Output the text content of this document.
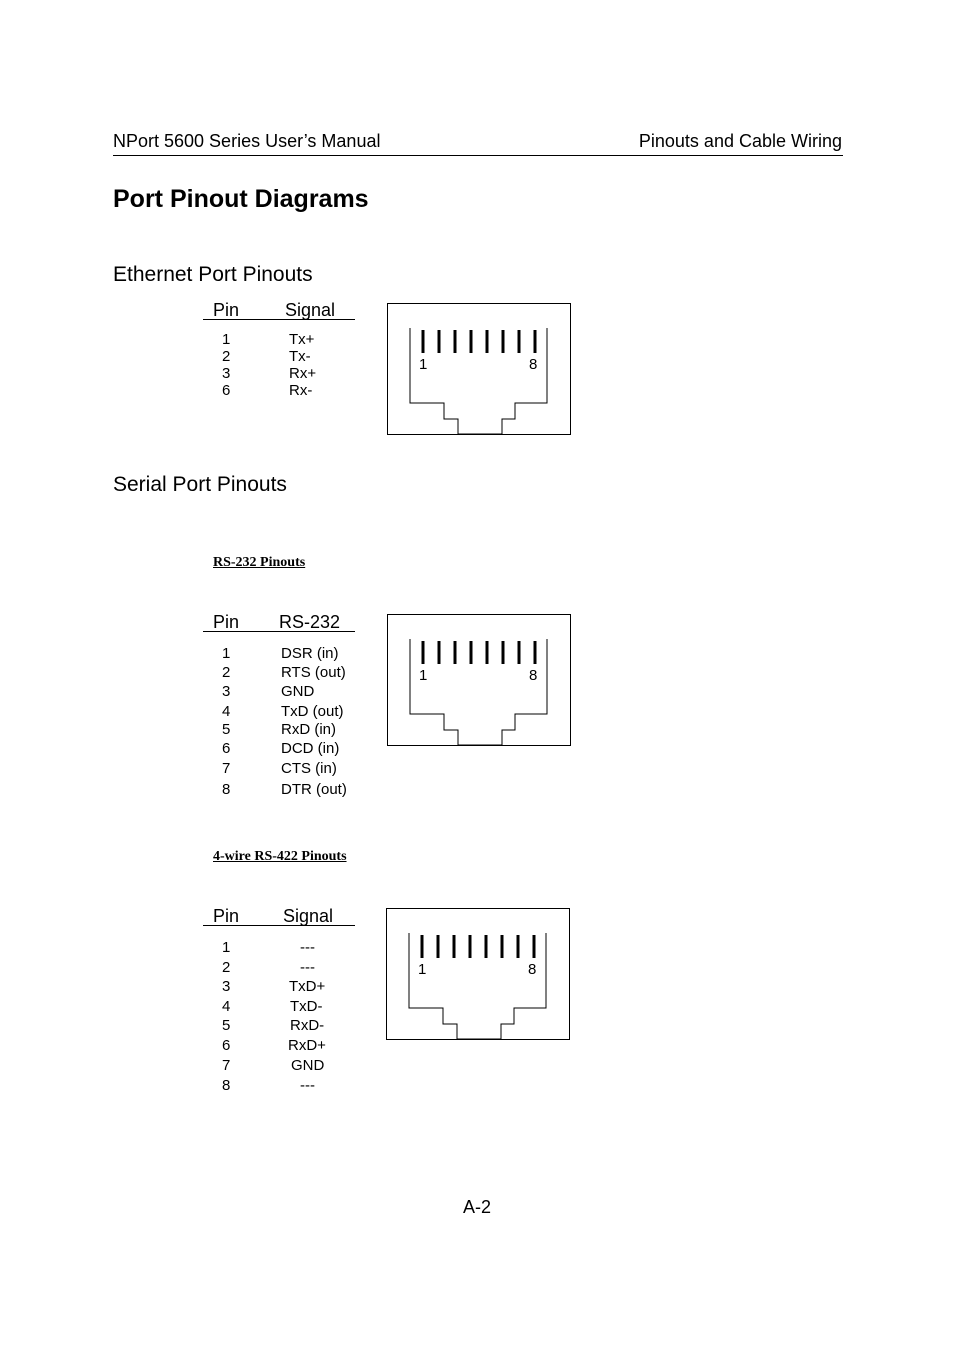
NPort 5600 Series User’s Manual	Pinouts and Cable Wiring
Port Pinout Diagrams
Ethernet Port Pinouts
Pin	Signal
1	Tx+
2	Tx-
3	Rx+
6	Rx-
1	8
Serial Port Pinouts
RS-232 Pinouts
Pin RS-232
1	DSR (in)
2	RTS (out)
3	GND
4	TxD (out)
5	RxD (in)
6	DCD (in)
7	CTS (in)
8	DTR (out)
1	8
4-wire RS-422 Pinouts
Pin Signal
1	---
2	---
3	TxD+
4	TxD-
5	RxD-
6	RxD+
7	GND
8	---
1	8
A-2
